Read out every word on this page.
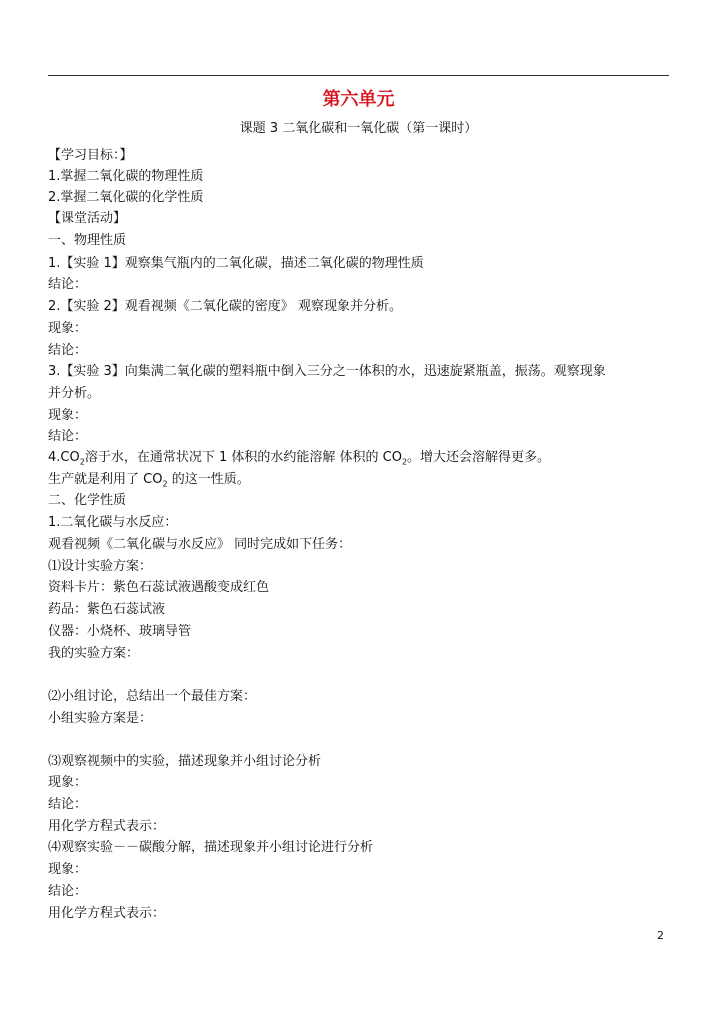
第六单元
课题 3 二氧化碳和一氧化碳（第一课时）
【学习目标：】
1.掌握二氧化碳的物理性质
2.掌握二氧化碳的化学性质
【课堂活动】
一、物理性质
1.【实验 1】观察集气瓶内的二氧化碳，描述二氧化碳的物理性质
结论：
2.【实验 2】观看视频《二氧化碳的密度》 观察现象并分析。
现象：
结论：
3.【实验 3】向集满二氧化碳的塑料瓶中倒入三分之一体积的水，迅速旋紧瓶盖，振荡。观察现象
并分析。
现象：
结论：
$4.CO_2$溶于水，在通常状况下 1 体积的水约能溶解 体积的 $CO_2$。增大还会溶解得更多。
生产就是利用了 $CO_2$ 的这一性质。
二、化学性质
1.二氧化碳与水反应：
观看视频《二氧化碳与水反应》 同时完成如下任务：
⑴设计实验方案：
资料卡片：紫色石蕊试液遇酸变成红色
药品：紫色石蕊试液
仪器：小烧杯、玻璃导管
我的实验方案：
⑵小组讨论，总结出一个最佳方案：
小组实验方案是：
⑶观察视频中的实验，描述现象并小组讨论分析
现象：
结论：
用化学方程式表示：
⑷观察实验－－碳酸分解，描述现象并小组讨论进行分析
现象：
结论：
用化学方程式表示：
2
